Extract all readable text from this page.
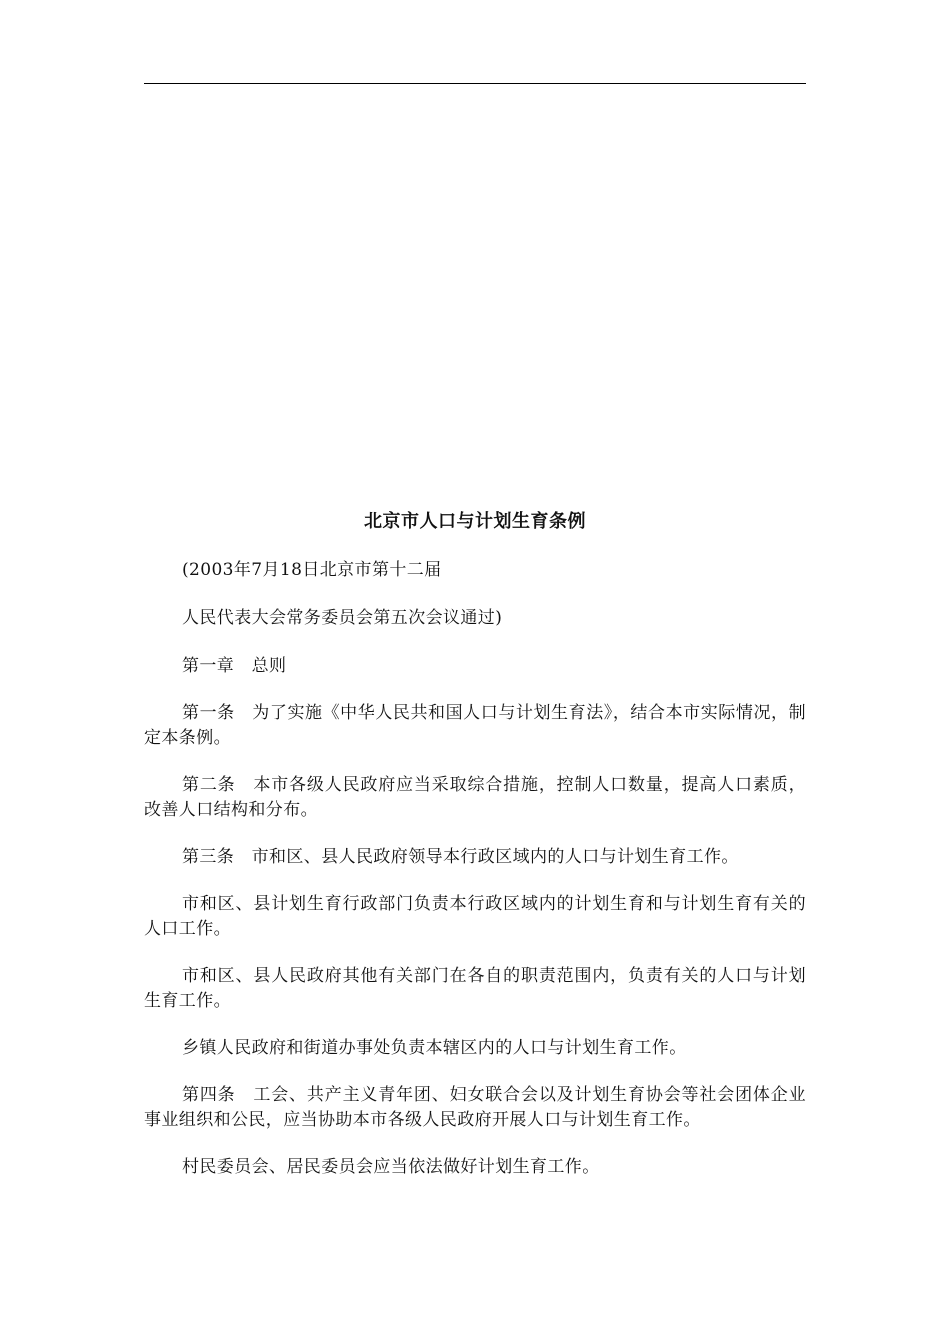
北京市人口与计划生育条例

(2003年7月18日北京市第十二届

人民代表大会常务委员会第五次会议通过)

第一章　总则

第一条　为了实施《中华人民共和国人口与计划生育法》，结合本市实际情况，制定本条例。

第二条　本市各级人民政府应当采取综合措施，控制人口数量，提高人口素质，改善人口结构和分布。

第三条　市和区、县人民政府领导本行政区域内的人口与计划生育工作。

市和区、县计划生育行政部门负责本行政区域内的计划生育和与计划生育有关的人口工作。

市和区、县人民政府其他有关部门在各自的职责范围内，负责有关的人口与计划生育工作。

乡镇人民政府和街道办事处负责本辖区内的人口与计划生育工作。

第四条　工会、共产主义青年团、妇女联合会以及计划生育协会等社会团体企业事业组织和公民，应当协助本市各级人民政府开展人口与计划生育工作。

村民委员会、居民委员会应当依法做好计划生育工作。
